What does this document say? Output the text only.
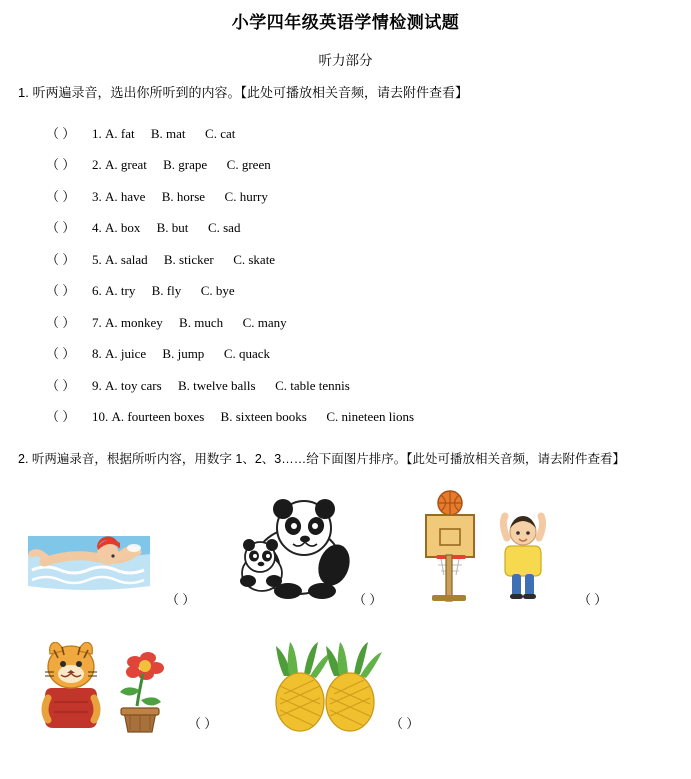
小学四年级英语学情检测试题
听力部分
1. 听两遍录音，选出你所听到的内容。【此处可播放相关音频，请去附件查看】
（ ） 1. A. fat B. mat C. cat
（ ） 2. A. great B. grape C. green
（ ） 3. A. have B. horse C. hurry
（ ） 4. A. box B. but C. sad
（ ） 5. A. salad B. sticker C. skate
（ ） 6. A. try B. fly C. bye
（ ） 7. A. monkey B. much C. many
（ ） 8. A. juice B. jump C. quack
（ ） 9. A. toy cars B. twelve balls C. table tennis
（ ） 10. A. fourteen boxes B. sixteen books C. nineteen lions
2. 听两遍录音，根据所听内容，用数字 1、2、3……给下面图片排序。【此处可播放相关音频，请去附件查看】
（ ）	（ ）	（ ）
（ ）	（ ）
